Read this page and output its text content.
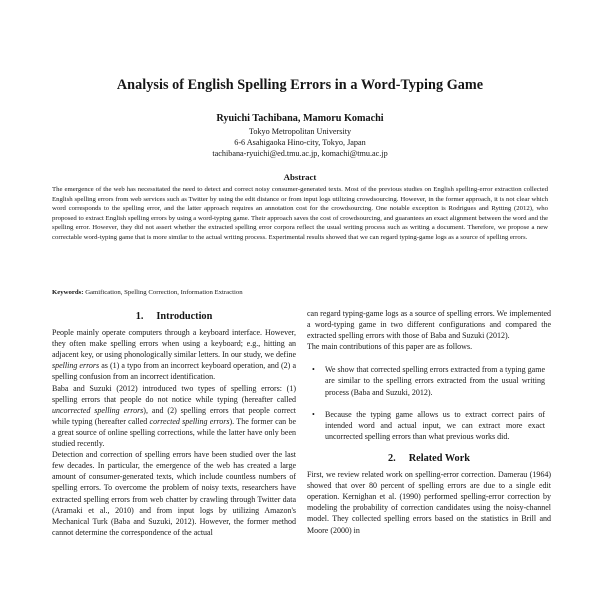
Analysis of English Spelling Errors in a Word-Typing Game
Ryuichi Tachibana, Mamoru Komachi
Tokyo Metropolitan University
6-6 Asahigaoka Hino-city, Tokyo, Japan
tachibana-ryuichi@ed.tmu.ac.jp, komachi@tmu.ac.jp
Abstract
The emergence of the web has necessitated the need to detect and correct noisy consumer-generated texts. Most of the previous studies on English spelling-error extraction collected English spelling errors from web services such as Twitter by using the edit distance or from input logs utilizing crowdsourcing. However, in the former approach, it is not clear which word corresponds to the spelling error, and the latter approach requires an annotation cost for the crowdsourcing. One notable exception is Rodrigues and Rytting (2012), who proposed to extract English spelling errors by using a word-typing game. Their approach saves the cost of crowdsourcing, and guarantees an exact alignment between the word and the spelling error. However, they did not assert whether the extracted spelling error corpora reflect the usual writing process such as writing a document. Therefore, we propose a new correctable word-typing game that is more similar to the actual writing process. Experimental results showed that we can regard typing-game logs as a source of spelling errors.
Keywords: Gamification, Spelling Correction, Information Extraction

1. Introduction

People mainly operate computers through a keyboard interface. However, they often make spelling errors when using a keyboard; e.g., hitting an adjacent key, or using phonologically similar letters. In our study, we define spelling errors as (1) a typo from an incorrect keyboard operation, and (2) a spelling confusion from an incorrect identification.

Baba and Suzuki (2012) introduced two types of spelling errors: (1) spelling errors that people do not notice while typing (hereafter called uncorrected spelling errors), and (2) spelling errors that people correct while typing (hereafter called corrected spelling errors). The former can be a great source of online spelling corrections, while the latter have only been studied recently.

Detection and correction of spelling errors have been studied over the last few decades. In particular, the emergence of the web has created a large amount of consumer-generated texts, which include countless numbers of spelling errors. To overcome the problem of noisy texts, researchers have extracted spelling errors from web chatter by crawling through Twitter data (Aramaki et al., 2010) and from input logs by utilizing Amazon's Mechanical Turk (Baba and Suzuki, 2012). However, the former method cannot determine the correspondence of the actual

can regard typing-game logs as a source of spelling errors. We implemented a word-typing game in two different configurations and compared the extracted spelling errors with those of Baba and Suzuki (2012).

The main contributions of this paper are as follows.

• We show that corrected spelling errors extracted from a typing game are similar to the spelling errors extracted from the usual writing process (Baba and Suzuki, 2012).
• Because the typing game allows us to extract correct pairs of intended word and actual input, we can extract more exact uncorrected spelling errors than what previous works did.

2. Related Work

First, we review related work on spelling-error correction. Damerau (1964) showed that over 80 percent of spelling errors are due to a single edit operation. Kernighan et al. (1990) performed spelling-error correction by modeling the probability of correction candidates using the noisy-channel model. They collected spelling errors based on the statistics in Brill and Moore (2000) in
